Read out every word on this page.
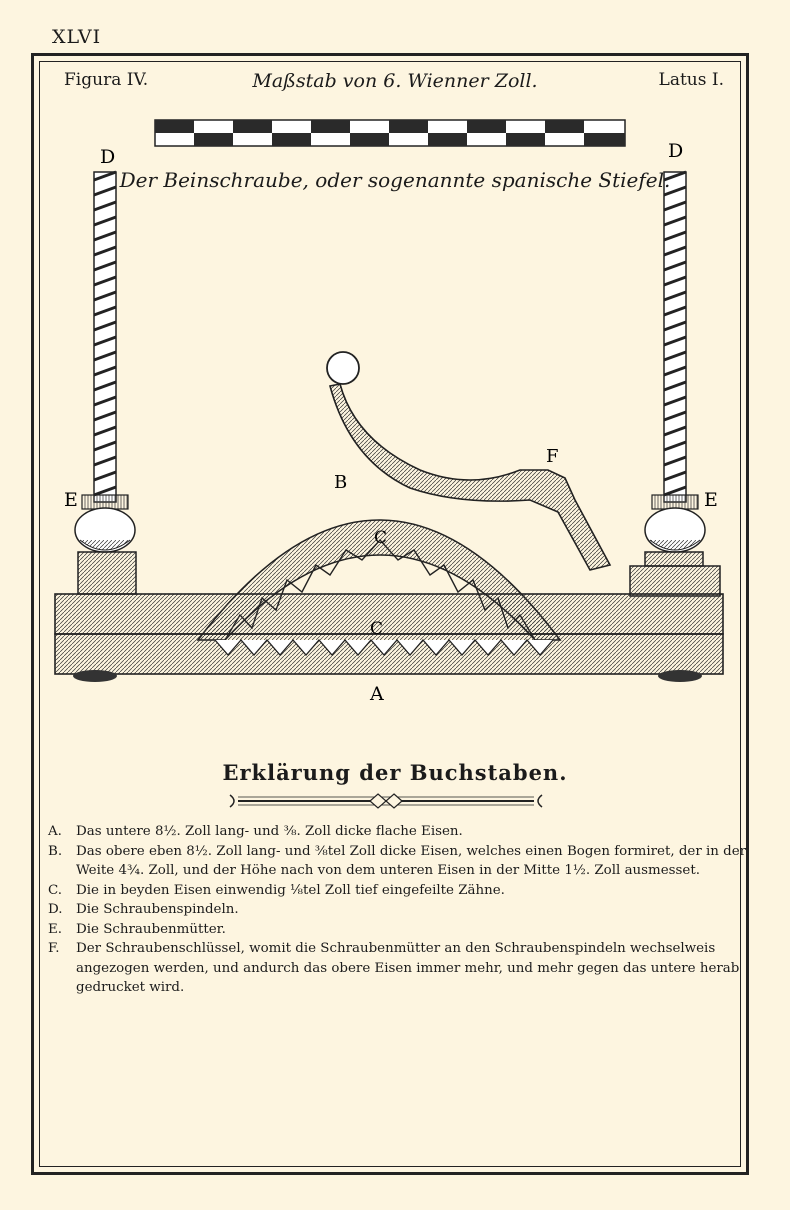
XLVI
Figura IV.	Maßstab von 6. Wienner Zoll.	Latus I.
D	D
E	E
B
C
C
F
A
Der Beinschraube, oder sogenannte spanische Stiefel.
Erklärung der Buchstaben.
A.	Das untere 8½. Zoll lang- und ⅜. Zoll dicke flache Eisen.
B.	Das obere eben 8½. Zoll lang- und ⅜tel Zoll dicke Eisen, welches einen Bogen formiret, der in der Weite 4¾. Zoll, und der Höhe nach von dem unteren Eisen in der Mitte 1½. Zoll ausmesset.
C.	Die in beyden Eisen einwendig ⅛tel Zoll tief eingefeilte Zähne.
D.	Die Schraubenspindeln.
E.	Die Schraubenmütter.
F.	Der Schraubenschlüssel, womit die Schraubenmütter an den Schraubenspindeln wechselweis angezogen werden, und andurch das obere Eisen immer mehr, und mehr gegen das untere herab gedrucket wird.
